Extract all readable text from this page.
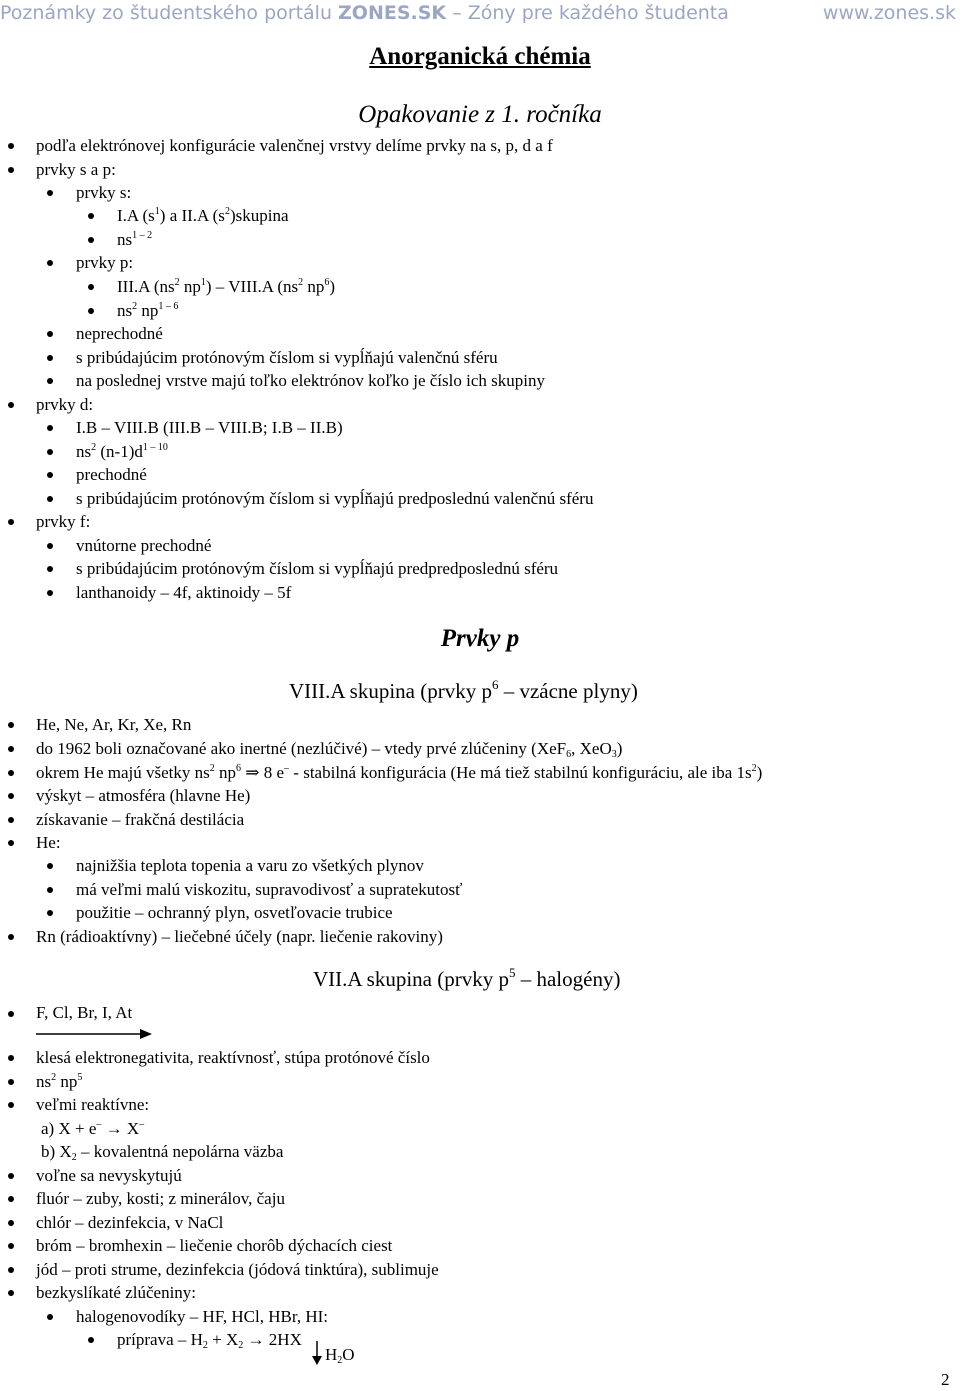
Poznámky zo študentského portálu ZONES.SK – Zóny pre každého študenta	www.zones.sk
Anorganická chémia
Opakovanie z 1. ročníka
podľa elektrónovej konfigurácie valenčnej vrstvy delíme prvky na s, p, d a f
prvky s a p:
prvky s:
I.A $(s^1)$ a II.A $(s^2)skupina$
$ns^{1 - 2}$
prvky p:
III.A ($ns^2$ $np^1$) – VIII.A ($ns^2$ $np^6$)
$ns^2$ $np^{1 - 6}$
neprechodné
s pribúdajúcim protónovým číslom si vypĺňajú valenčnú sféru
na poslednej vrstve majú toľko elektrónov koľko je číslo ich skupiny
prvky d:
I.B – VIII.B (III.B – VIII.B; I.B – II.B)
$ns^2$ $(n-1)d^{1 - 10}$
prechodné
s pribúdajúcim protónovým číslom si vypĺňajú predposlednú valenčnú sféru
prvky f:
vnútorne prechodné
s pribúdajúcim protónovým číslom si vypĺňajú predpredposlednú sféru
lanthanoidy – 4f, aktinoidy – 5f
Prvky p
VIII.A skupina (prvky $p^6$ – vzácne plyny)
He, Ne, Ar, Kr, Xe, Rn
do 1962 boli označované ako inertné (nezlúčivé) – vtedy prvé zlúčeniny (XeF$_6$, XeO$_3$)
okrem He majú všetky $ns^2$ $np^6$ ⇒ 8 e– - stabilná konfigurácia (He má tiež stabilnú konfiguráciu, ale iba $1s^2$)
výskyt – atmosféra (hlavne He)
získavanie – frakčná destilácia
He:
najnižšia teplota topenia a varu zo všetkých plynov
má veľmi malú viskozitu, supravodivosť a supratekutosť
použitie – ochranný plyn, osvetľovacie trubice
Rn (rádioaktívny) – liečebné účely (napr. liečenie rakoviny)
VII.A skupina (prvky $p^5$ – halogény)
F, Cl, Br, I, At
klesá elektronegativita, reaktívnosť, stúpa protónové číslo
$ns^2$ $np^5$
veľmi reaktívne:
a) X + e– → X–
b) $X_2$ – kovalentná nepolárna väzba
voľne sa nevyskytujú
fluór – zuby, kosti; z minerálov, čaju
chlór – dezinfekcia, v NaCl
bróm – bromhexin – liečenie chorôb dýchacích ciest
jód – proti strume, dezinfekcia (jódová tinktúra), sublimuje
bezkyslíkaté zlúčeniny:
halogenovodíky – HF, HCl, HBr, HI:
príprava – $H_2 + X_2 \to 2HX$
$H_2O$
2
